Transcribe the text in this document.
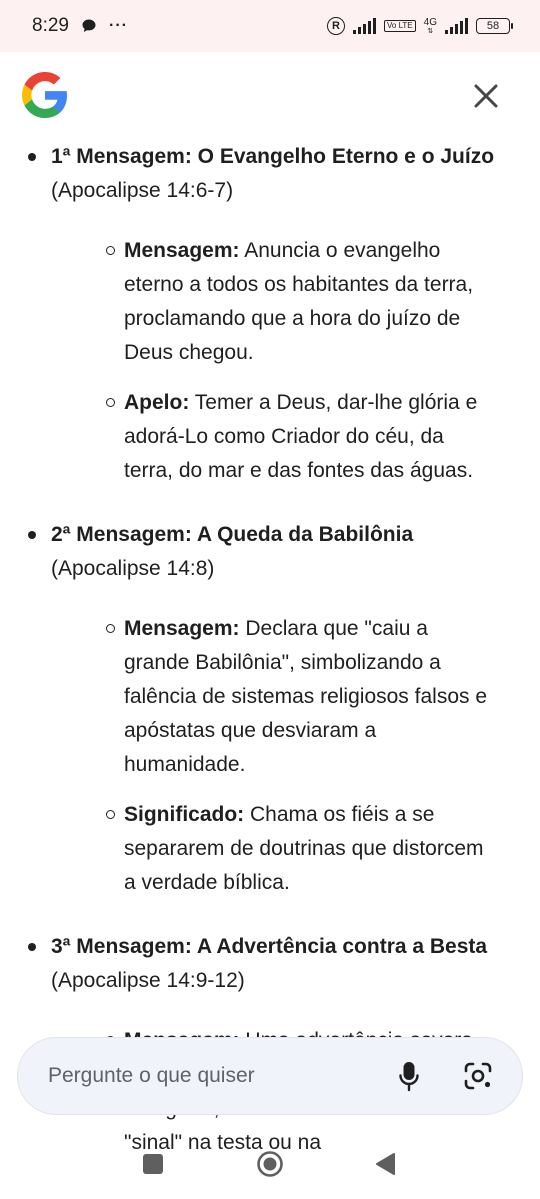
8:29	···	R	Vo LTE	4G
⇅	58

1ª Mensagem: O Evangelho Eterno e o Juízo (Apocalipse 14:6-7)

Mensagem: Anuncia o evangelho eterno a todos os habitantes da terra, proclamando que a hora do juízo de Deus chegou.
Apelo: Temer a Deus, dar-lhe glória e adorá-Lo como Criador do céu, da terra, do mar e das fontes das águas.

2ª Mensagem: A Queda da Babilônia (Apocalipse 14:8)

Mensagem: Declara que "caiu a grande Babilônia", simbolizando a falência de sistemas religiosos falsos e apóstatas que desviaram a humanidade.
Significado: Chama os fiéis a se separarem de doutrinas que distorcem a verdade bíblica.

3ª Mensagem: A Advertência contra a Besta (Apocalipse 14:9-12)

"sinal" na testa ou na
Pergunte o que quiser
